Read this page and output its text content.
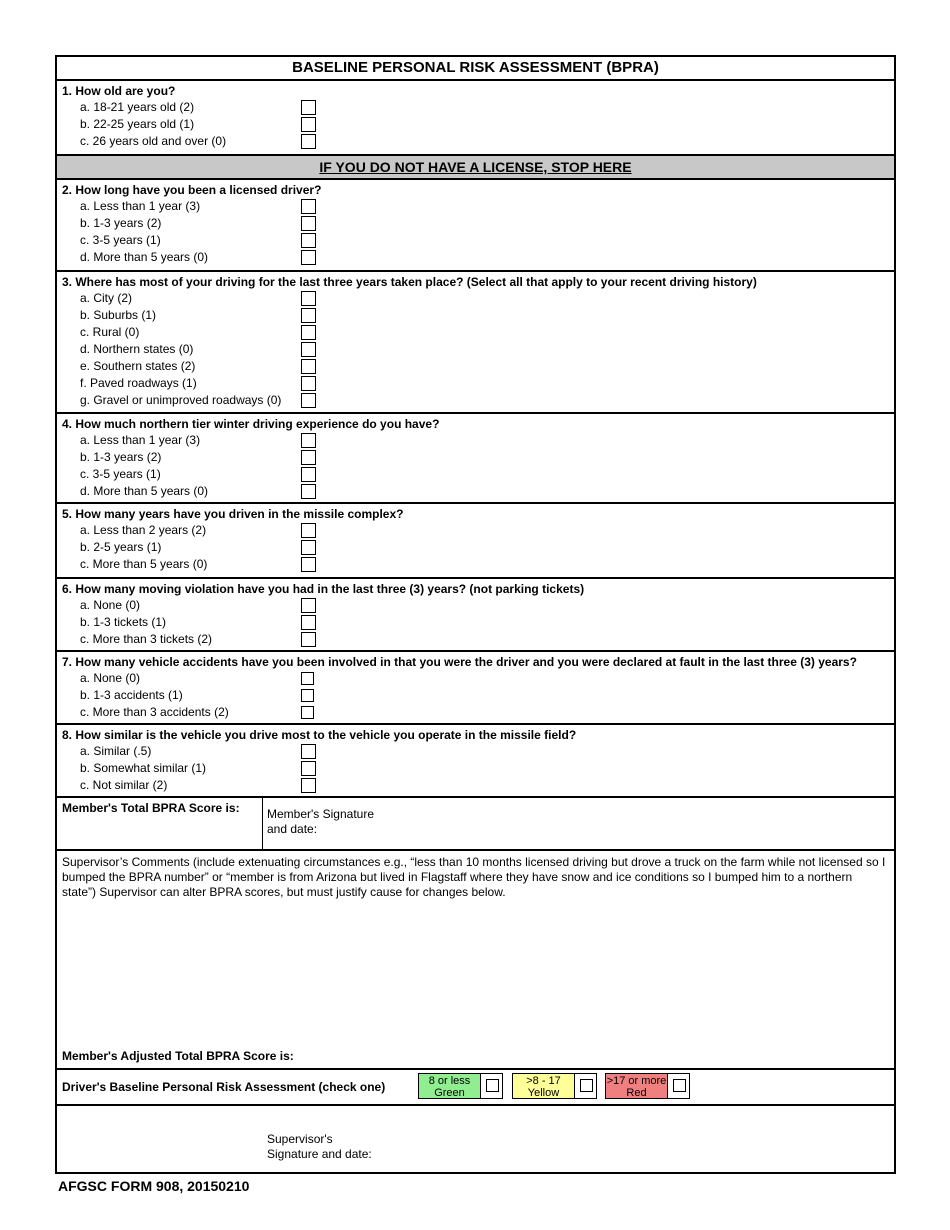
BASELINE PERSONAL RISK ASSESSMENT (BPRA)
1. How old are you?
a. 18-21 years old (2)
b. 22-25 years old (1)
c. 26 years old and over (0)
IF YOU DO NOT HAVE A LICENSE, STOP HERE
2. How long have you been a licensed driver?
a. Less than 1 year (3)
b. 1-3 years (2)
c. 3-5 years (1)
d. More than 5 years (0)
3. Where has most of your driving for the last three years taken place? (Select all that apply to your recent driving history)
a. City (2)
b. Suburbs (1)
c. Rural (0)
d. Northern states (0)
e. Southern states (2)
f. Paved roadways (1)
g. Gravel or unimproved roadways (0)
4. How much northern tier winter driving experience do you have?
a. Less than 1 year (3)
b. 1-3 years (2)
c. 3-5 years (1)
d. More than 5 years (0)
5. How many years have you driven in the missile complex?
a. Less than 2 years (2)
b. 2-5 years (1)
c. More than 5 years (0)
6. How many moving violation have you had in the last three (3) years? (not parking tickets)
a. None (0)
b. 1-3 tickets (1)
c. More than 3 tickets (2)
7. How many vehicle accidents have you been involved in that you were the driver and you were declared at fault in the last three (3) years?
a. None (0)
b. 1-3 accidents (1)
c. More than 3 accidents (2)
8. How similar is the vehicle you drive most to the vehicle you operate in the missile field?
a. Similar (.5)
b. Somewhat similar (1)
c. Not similar (2)
Member's Total BPRA Score is:	Member's Signature
and date:
Supervisor’s Comments (include extenuating circumstances e.g., “less than 10 months licensed driving but drove a truck on the farm while not licensed so I bumped the BPRA number” or “member is from Arizona but lived in Flagstaff where they have snow and ice conditions so I bumped him to a northern state”) Supervisor can alter BPRA scores, but must justify cause for changes below.
Member's Adjusted Total BPRA Score is:
Driver's Baseline Personal Risk Assessment (check one)	8 or less
Green
>8 - 17
Yellow
>17 or more
Red
Supervisor's
Signature and date:
AFGSC FORM 908, 20150210
